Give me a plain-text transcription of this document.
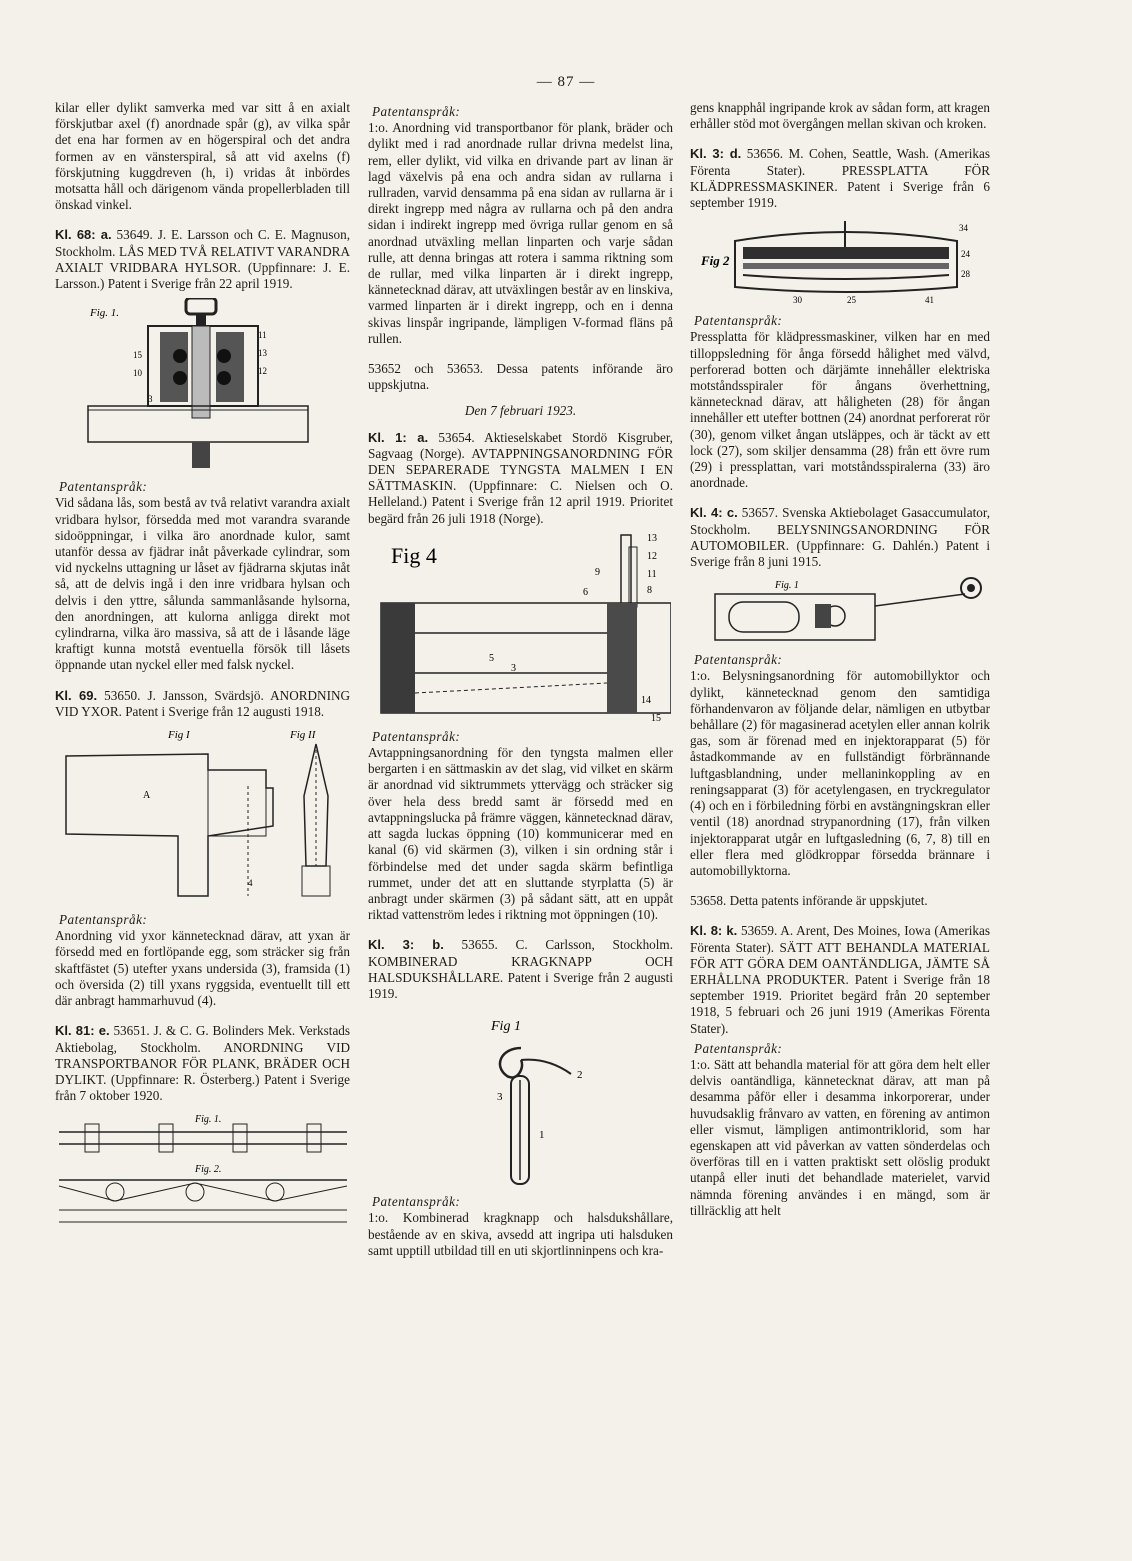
— 87 —

kilar eller dylikt samverka med var sitt å en axialt förskjutbar axel (f) anordnade spår (g), av vilka spår det ena har formen av en högerspiral och det andra formen av en vänsterspiral, så att vid axelns (f) förskjutning kuggdreven (h, i) vridas åt inbördes motsatta håll och därigenom vända propellerbladen till önskad vinkel.

Kl. 68: a. 53649. J. E. Larsson och C. E. Magnuson, Stockholm. LÅS MED TVÅ RELATIVT VARANDRA AXIALT VRIDBARA HYLSOR. (Uppfinnare: J. E. Larsson.) Patent i Sverige från 22 april 1919.

Fig. 1.
11
13
12
15
10
3

Patentanspråk:

Vid sådana lås, som bestå av två relativt varandra axialt vridbara hylsor, försedda med mot varandra svarande sidoöppningar, i vilka äro anordnade kulor, samt utanför dessa av fjädrar inåt påverkade cylindrar, som vid nyckelns uttagning ur låset av fjädrarna skjutas inåt så, att de delvis ingå i den inre vridbara hylsan och delvis i den yttre, sålunda sammanlåsande hylsorna, den anordningen, att kulorna anligga direkt mot cylindrarna, vilka äro massiva, så att de i låsande läge kraftigt kunna motstå eventuella försök till låsets öppnande utan nyckel eller med falsk nyckel.

Kl. 69. 53650. J. Jansson, Svärdsjö. ANORDNING VID YXOR. Patent i Sverige från 12 augusti 1918.

Fig I	Fig II
A
4

Patentanspråk:

Anordning vid yxor kännetecknad därav, att yxan är försedd med en fortlöpande egg, som sträcker sig från skaftfästet (5) utefter yxans undersida (3), framsida (1) och översida (2) till yxans ryggsida, eventuellt till ett där anbragt hammarhuvud (4).

Kl. 81: e. 53651. J. & C. G. Bolinders Mek. Verkstads Aktiebolag, Stockholm. ANORDNING VID TRANSPORTBANOR FÖR PLANK, BRÄDER OCH DYLIKT. (Uppfinnare: R. Österberg.) Patent i Sverige från 7 oktober 1920.

Fig. 1.
Fig. 2.

Patentanspråk:

1:o. Anordning vid transportbanor för plank, bräder och dylikt med i rad anordnade rullar drivna medelst lina, rem, eller dylikt, vid vilka en drivande part av linan är lagd växelvis på ena och andra sidan av rullarna i rullraden, varvid densamma på ena sidan av rullarna är i direkt ingrepp med några av rullarna och på den andra sidan i indirekt ingrepp med övriga rullar genom en så anordnad utväxling mellan linparten och varje sådan rulle, att denna bringas att rotera i samma riktning som de rullar, med vilka linparten är i direkt ingrepp, kännetecknad därav, att utväxlingen består av en linskiva, varmed linparten är i direkt ingrepp, och en i denna skivas linspår ingripande, lämpligen V-formad fläns på rullen.

53652 och 53653. Dessa patents införande äro uppskjutna.

Den 7 februari 1923.

Kl. 1: a. 53654. Aktieselskabet Stordö Kisgruber, Sagvaag (Norge). AVTAPPNINGSANORDNING FÖR DEN SEPARERADE TYNGSTA MALMEN I EN SÄTTMASKIN. (Uppfinnare: C. Nielsen och O. Helleland.) Patent i Sverige från 12 april 1919. Prioritet begärd från 26 juli 1918 (Norge).

Fig 4
13
12
11
8
9
6
3
5
14
15

Patentanspråk:

Avtappningsanordning för den tyngsta malmen eller bergarten i en sättmaskin av det slag, vid vilket en skärm är anordnad vid siktrummets yttervägg och sträcker sig över hela dess bredd samt är försedd med en avtappningslucka på främre väggen, kännetecknad därav, att sagda luckas öppning (10) kommunicerar med en kanal (6) vid skärmen (3), vilken i sin ordning står i förbindelse med det under sagda skärm befintliga rummet, under det att en sluttande styrplatta (5) är anbragt under skärmen (3) på sådant sätt, att en uppåt riktad vattenström ledes i riktning mot öppningen (10).

Kl. 3: b. 53655. C. Carlsson, Stockholm. KOMBINERAD KRAGKNAPP OCH HALSDUKSHÅLLARE. Patent i Sverige från 2 augusti 1919.

Fig 1
2
3
1

Patentanspråk:

1:o. Kombinerad kragknapp och halsdukshållare, bestående av en skiva, avsedd att ingripa uti halsduken samt upptill utbildad till en uti skjortlinninpens och kra-

gens knapphål ingripande krok av sådan form, att kragen erhåller stöd mot övergången mellan skivan och kroken.

Kl. 3: d. 53656. M. Cohen, Seattle, Wash. (Amerikas Förenta Stater). PRESSPLATTA FÖR KLÄDPRESSMASKINER. Patent i Sverige från 6 september 1919.

Fig 2
34
24
28
30	25	41

Patentanspråk:

Pressplatta för klädpressmaskiner, vilken har en med tilloppsledning för ånga försedd hålighet med välvd, perforerad botten och därjämte innehåller elektriska motståndsspiraler för ångans överhettning, kännetecknad därav, att håligheten (28) för ångan innehåller ett utefter bottnen (24) anordnat perforerat rör (30), genom vilket ångan utsläppes, och är täckt av ett lock (27), som skiljer densamma (28) från ett övre rum (29) i pressplattan, vari motståndsspiralerna (33) äro anordnade.

Kl. 4: c. 53657. Svenska Aktiebolaget Gasaccumulator, Stockholm. BELYSNINGSANORDNING FÖR AUTOMOBILER. (Uppfinnare: G. Dahlén.) Patent i Sverige från 8 juni 1915.

Fig. 1

Patentanspråk:

1:o. Belysningsanordning för automobillyktor och dylikt, kännetecknad genom den samtidiga förhandenvaron av följande delar, nämligen en utbytbar behållare (2) för magasinerad acetylen eller annan kolrik gas, som är förenad med en injektorapparat (5) för åstadkommande av en fullständigt förbrännande luftgasblandning, under mellaninkoppling av en reningsapparat (3) för acetylengasen, en tryckregulator (4) och en i förbiledning förbi en avstängningskran eller ventil (18) anordnad strypanordning (17), från vilken injektorapparat utgår en luftgasledning (6, 7, 8) till en eller flera med glödkroppar försedda brännare i automobillyktorna.

53658. Detta patents införande är uppskjutet.

Kl. 8: k. 53659. A. Arent, Des Moines, Iowa (Amerikas Förenta Stater). SÄTT ATT BEHANDLA MATERIAL FÖR ATT GÖRA DEM OANTÄNDLIGA, JÄMTE SÅ ERHÅLLNA PRODUKTER. Patent i Sverige från 18 september 1919. Prioritet begärd från 20 september 1918, 5 februari och 26 juni 1919 (Amerikas Förenta Stater).

Patentanspråk:

1:o. Sätt att behandla material för att göra dem helt eller delvis oantändliga, kännetecknat därav, att man på desamma påför eller i desamma inkorporerar, under huvudsaklig frånvaro av vatten, en förening av antimon eller vismut, lämpligen antimontriklorid, som har egenskapen att vid påverkan av vatten sönderdelas och överföras till en i vatten praktiskt sett olöslig produkt utanpå eller inuti det behandlade materielet, varvid nämnda förening användes i en mängd, som är tillräcklig att helt
